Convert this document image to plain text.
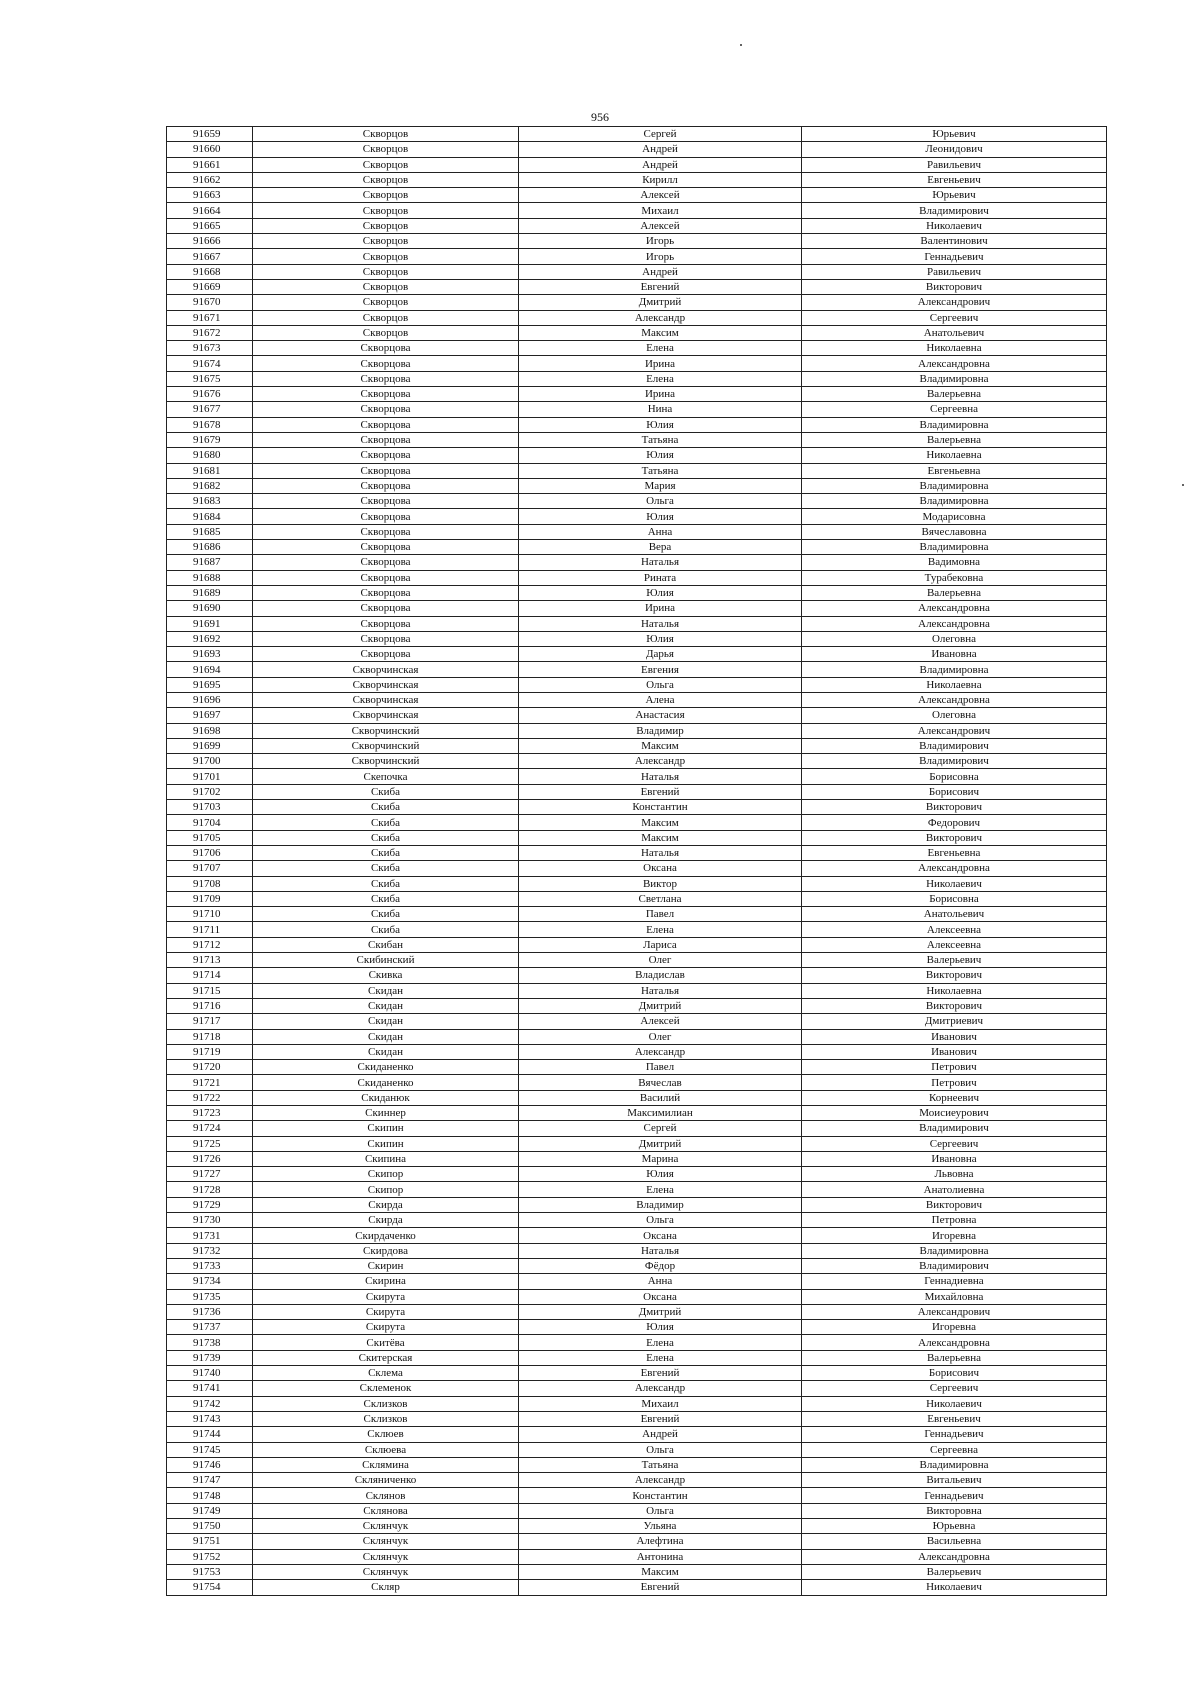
956
91659	Скворцов	Сергей	Юрьевич
91660	Скворцов	Андрей	Леонидович
91661	Скворцов	Андрей	Равильевич
91662	Скворцов	Кирилл	Евгеньевич
91663	Скворцов	Алексей	Юрьевич
91664	Скворцов	Михаил	Владимирович
91665	Скворцов	Алексей	Николаевич
91666	Скворцов	Игорь	Валентинович
91667	Скворцов	Игорь	Геннадьевич
91668	Скворцов	Андрей	Равильевич
91669	Скворцов	Евгений	Викторович
91670	Скворцов	Дмитрий	Александрович
91671	Скворцов	Александр	Сергеевич
91672	Скворцов	Максим	Анатольевич
91673	Скворцова	Елена	Николаевна
91674	Скворцова	Ирина	Александровна
91675	Скворцова	Елена	Владимировна
91676	Скворцова	Ирина	Валерьевна
91677	Скворцова	Нина	Сергеевна
91678	Скворцова	Юлия	Владимировна
91679	Скворцова	Татьяна	Валерьевна
91680	Скворцова	Юлия	Николаевна
91681	Скворцова	Татьяна	Евгеньевна
91682	Скворцова	Мария	Владимировна
91683	Скворцова	Ольга	Владимировна
91684	Скворцова	Юлия	Модарисовна
91685	Скворцова	Анна	Вячеславовна
91686	Скворцова	Вера	Владимировна
91687	Скворцова	Наталья	Вадимовна
91688	Скворцова	Рината	Турабековна
91689	Скворцова	Юлия	Валерьевна
91690	Скворцова	Ирина	Александровна
91691	Скворцова	Наталья	Александровна
91692	Скворцова	Юлия	Олеговна
91693	Скворцова	Дарья	Ивановна
91694	Скворчинская	Евгения	Владимировна
91695	Скворчинская	Ольга	Николаевна
91696	Скворчинская	Алена	Александровна
91697	Скворчинская	Анастасия	Олеговна
91698	Скворчинский	Владимир	Александрович
91699	Скворчинский	Максим	Владимирович
91700	Скворчинский	Александр	Владимирович
91701	Скепочка	Наталья	Борисовна
91702	Скиба	Евгений	Борисович
91703	Скиба	Константин	Викторович
91704	Скиба	Максим	Федорович
91705	Скиба	Максим	Викторович
91706	Скиба	Наталья	Евгеньевна
91707	Скиба	Оксана	Александровна
91708	Скиба	Виктор	Николаевич
91709	Скиба	Светлана	Борисовна
91710	Скиба	Павел	Анатольевич
91711	Скиба	Елена	Алексеевна
91712	Скибан	Лариса	Алексеевна
91713	Скибинский	Олег	Валерьевич
91714	Скивка	Владислав	Викторович
91715	Скидан	Наталья	Николаевна
91716	Скидан	Дмитрий	Викторович
91717	Скидан	Алексей	Дмитриевич
91718	Скидан	Олег	Иванович
91719	Скидан	Александр	Иванович
91720	Скиданенко	Павел	Петрович
91721	Скиданенко	Вячеслав	Петрович
91722	Скиданюк	Василий	Корнеевич
91723	Скиннер	Максимилиан	Моисиеурович
91724	Скипин	Сергей	Владимирович
91725	Скипин	Дмитрий	Сергеевич
91726	Скипина	Марина	Ивановна
91727	Скипор	Юлия	Львовна
91728	Скипор	Елена	Анатолиевна
91729	Скирда	Владимир	Викторович
91730	Скирда	Ольга	Петровна
91731	Скирдаченко	Оксана	Игоревна
91732	Скирдова	Наталья	Владимировна
91733	Скирин	Фёдор	Владимирович
91734	Скирина	Анна	Геннадиевна
91735	Скирута	Оксана	Михайловна
91736	Скирута	Дмитрий	Александрович
91737	Скирута	Юлия	Игоревна
91738	Скитёва	Елена	Александровна
91739	Скитерская	Елена	Валерьевна
91740	Склема	Евгений	Борисович
91741	Склеменок	Александр	Сергеевич
91742	Склизков	Михаил	Николаевич
91743	Склизков	Евгений	Евгеньевич
91744	Склюев	Андрей	Геннадьевич
91745	Склюева	Ольга	Сергеевна
91746	Склямина	Татьяна	Владимировна
91747	Скляниченко	Александр	Витальевич
91748	Склянов	Константин	Геннадьевич
91749	Склянова	Ольга	Викторовна
91750	Склянчук	Ульяна	Юрьевна
91751	Склянчук	Алефтина	Васильевна
91752	Склянчук	Антонина	Александровна
91753	Склянчук	Максим	Валерьевич
91754	Скляр	Евгений	Николаевич
